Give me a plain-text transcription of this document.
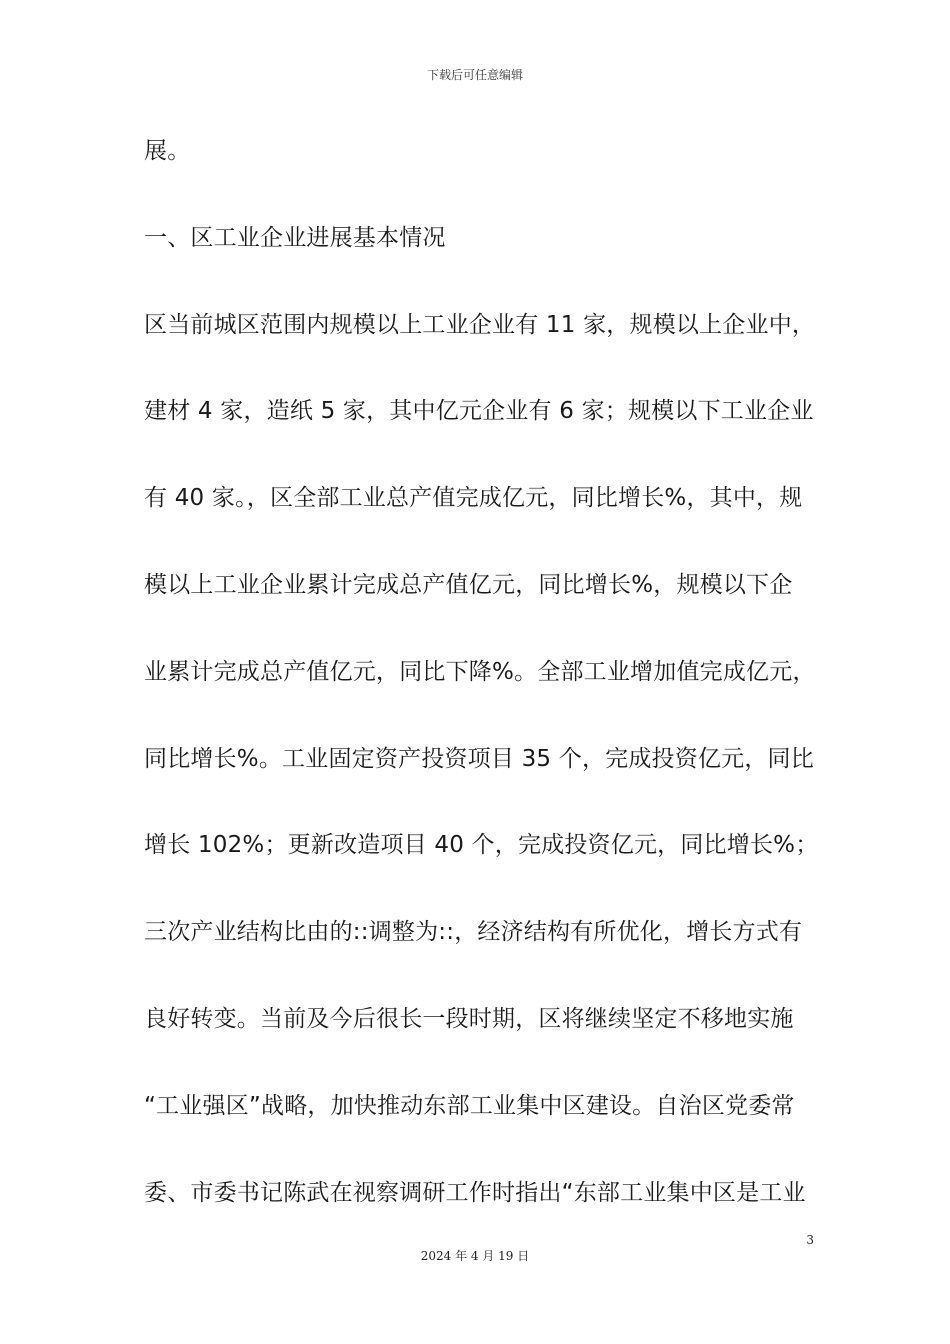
下载后可任意编辑
展。
一、区工业企业进展基本情况
区当前城区范围内规模以上工业企业有 11 家，规模以上企业中，
建材 4 家，造纸 5 家，其中亿元企业有 6 家；规模以下工业企业
有 40 家。，区全部工业总产值完成亿元，同比增长%，其中，规
模以上工业企业累计完成总产值亿元，同比增长%，规模以下企
业累计完成总产值亿元，同比下降%。全部工业增加值完成亿元，
同比增长%。工业固定资产投资项目 35 个，完成投资亿元，同比
增长 102%；更新改造项目 40 个，完成投资亿元，同比增长%；
三次产业结构比由的::调整为::，经济结构有所优化，增长方式有
良好转变。当前及今后很长一段时期，区将继续坚定不移地实施
“工业强区”战略，加快推动东部工业集中区建设。自治区党委常
委、市委书记陈武在视察调研工作时指出“东部工业集中区是工业
3
2024 年 4 月 19 日
